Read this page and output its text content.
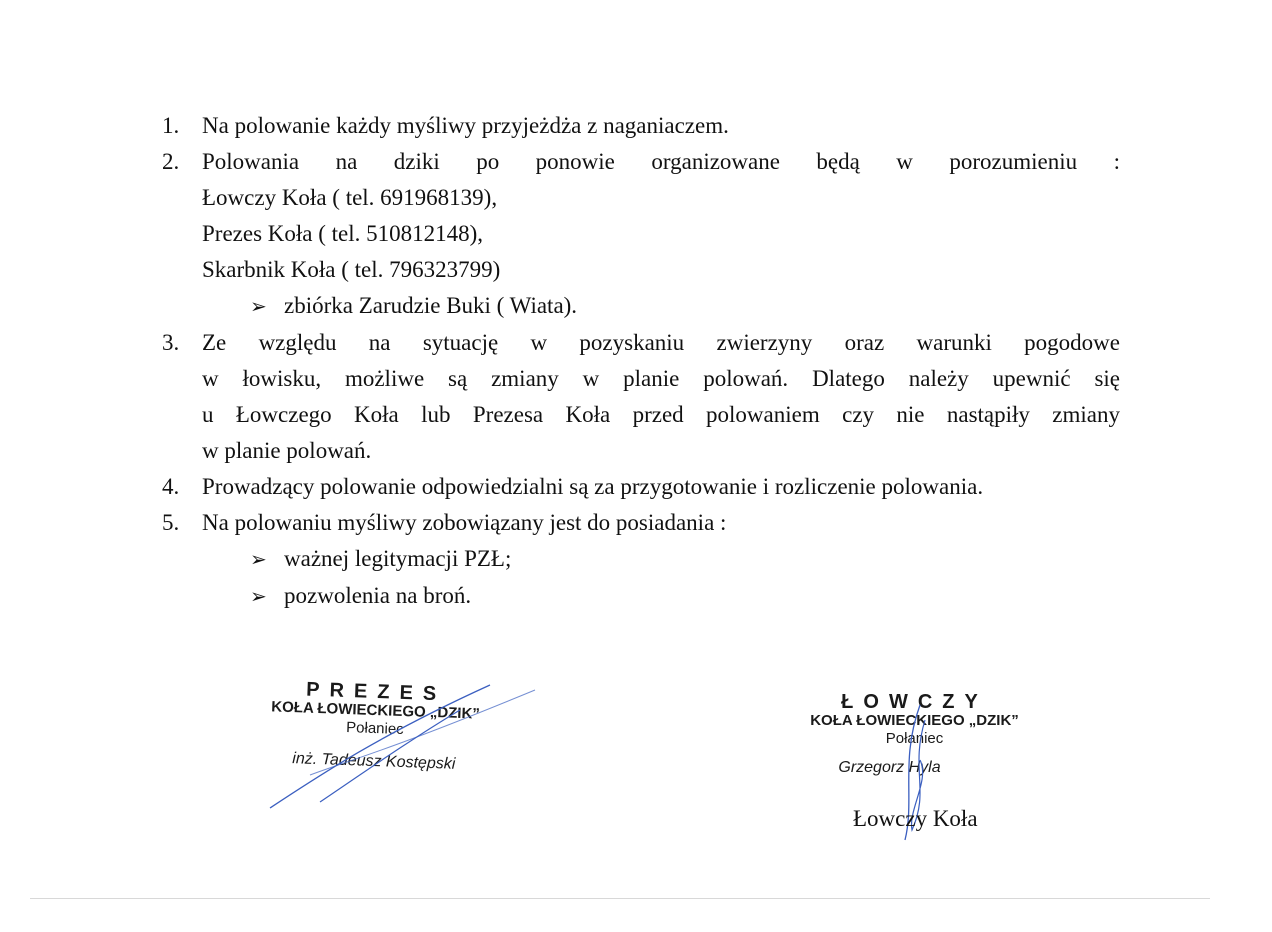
1. Na polowanie każdy myśliwy przyjeżdża z naganiaczem.
2. Polowania na dziki po ponowie organizowane będą w porozumieniu :
Łowczy Koła ( tel. 691968139),
Prezes Koła ( tel. 510812148),
Skarbnik Koła ( tel. 796323799)
➢ zbiórka Zarudzie Buki ( Wiata).
3. Ze względu na sytuację w pozyskaniu zwierzyny oraz warunki pogodowe
w łowisku, możliwe są zmiany w planie polowań. Dlatego należy upewnić się
u Łowczego Koła lub Prezesa Koła przed polowaniem czy nie nastąpiły zmiany
w planie polowań.
4. Prowadzący polowanie odpowiedzialni są za przygotowanie i rozliczenie polowania.
5. Na polowaniu myśliwy zobowiązany jest do posiadania :
➢ ważnej legitymacji PZŁ;
➢ pozwolenia na broń.
PREZES
KOŁA ŁOWIECKIEGO „DZIK”
Połaniec
inż. Tadeusz Kostępski
ŁOWCZY
KOŁA ŁOWIECKIEGO „DZIK”
Połaniec
Grzegorz Hyla
Łowczy Koła
